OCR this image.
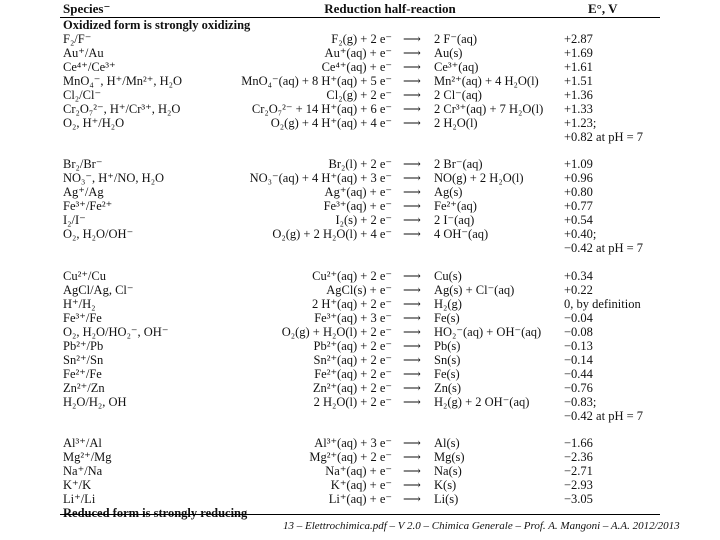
Species⁻	Reduction half-reaction	E°, V
Oxidized form is strongly oxidizing		
F₂/F⁻	F₂(g) + 2 e⁻ ⟶ 2 F⁻(aq)	+2.87
Au⁺/Au	Au⁺(aq) + e⁻ ⟶ Au(s)	+1.69
Ce⁴⁺/Ce³⁺	Ce⁴⁺(aq) + e⁻ ⟶ Ce³⁺(aq)	+1.61
MnO₄⁻, H⁺/Mn²⁺, H₂O	MnO₄⁻(aq) + 8 H⁺(aq) + 5 e⁻ ⟶ Mn²⁺(aq) + 4 H₂O(l)	+1.51
Cl₂/Cl⁻	Cl₂(g) + 2 e⁻ ⟶ 2 Cl⁻(aq)	+1.36
Cr₂O₇²⁻, H⁺/Cr³⁺, H₂O	Cr₂O₇²⁻ + 14 H⁺(aq) + 6 e⁻ ⟶ 2 Cr³⁺(aq) + 7 H₂O(l)	+1.33
O₂, H⁺/H₂O	O₂(g) + 4 H⁺(aq) + 4 e⁻ ⟶ 2 H₂O(l)	+1.23;
		+0.82 at pH = 7

Br₂/Br⁻	Br₂(l) + 2 e⁻ ⟶ 2 Br⁻(aq)	+1.09
NO₃⁻, H⁺/NO, H₂O	NO₃⁻(aq) + 4 H⁺(aq) + 3 e⁻ ⟶ NO(g) + 2 H₂O(l)	+0.96
Ag⁺/Ag	Ag⁺(aq) + e⁻ ⟶ Ag(s)	+0.80
Fe³⁺/Fe²⁺	Fe³⁺(aq) + e⁻ ⟶ Fe²⁺(aq)	+0.77
I₂/I⁻	I₂(s) + 2 e⁻ ⟶ 2 I⁻(aq)	+0.54
O₂, H₂O/OH⁻	O₂(g) + 2 H₂O(l) + 4 e⁻ ⟶ 4 OH⁻(aq)	+0.40;
		−0.42 at pH = 7

Cu²⁺/Cu	Cu²⁺(aq) + 2 e⁻ ⟶ Cu(s)	+0.34
AgCl/Ag, Cl⁻	AgCl(s) + e⁻ ⟶ Ag(s) + Cl⁻(aq)	+0.22
H⁺/H₂	2 H⁺(aq) + 2 e⁻ ⟶ H₂(g)	0, by definition
Fe³⁺/Fe	Fe³⁺(aq) + 3 e⁻ ⟶ Fe(s)	−0.04
O₂, H₂O/HO₂⁻, OH⁻	O₂(g) + H₂O(l) + 2 e⁻ ⟶ HO₂⁻(aq) + OH⁻(aq)	−0.08
Pb²⁺/Pb	Pb²⁺(aq) + 2 e⁻ ⟶ Pb(s)	−0.13
Sn²⁺/Sn	Sn²⁺(aq) + 2 e⁻ ⟶ Sn(s)	−0.14
Fe²⁺/Fe	Fe²⁺(aq) + 2 e⁻ ⟶ Fe(s)	−0.44
Zn²⁺/Zn	Zn²⁺(aq) + 2 e⁻ ⟶ Zn(s)	−0.76
H₂O/H₂, OH	2 H₂O(l) + 2 e⁻ ⟶ H₂(g) + 2 OH⁻(aq)	−0.83;
		−0.42 at pH = 7

Al³⁺/Al	Al³⁺(aq) + 3 e⁻ ⟶ Al(s)	−1.66
Mg²⁺/Mg	Mg²⁺(aq) + 2 e⁻ ⟶ Mg(s)	−2.36
Na⁺/Na	Na⁺(aq) + e⁻ ⟶ Na(s)	−2.71
K⁺/K	K⁺(aq) + e⁻ ⟶ K(s)	−2.93
Li⁺/Li	Li⁺(aq) + e⁻ ⟶ Li(s)	−3.05
Reduced form is strongly reducing		
13 – Elettrochimica.pdf – V 2.0 – Chimica Generale – Prof. A. Mangoni – A.A. 2012/2013
